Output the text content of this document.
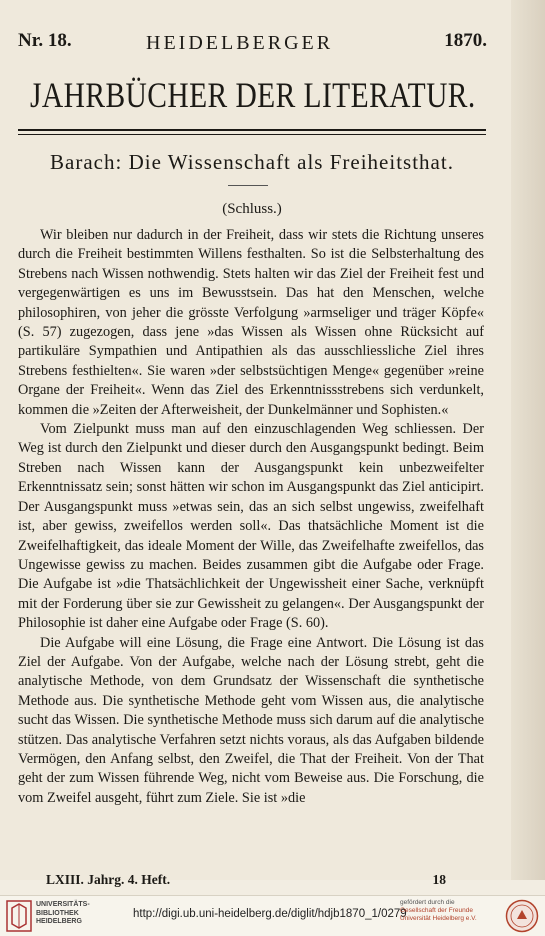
Nr. 18.	HEIDELBERGER	1870.
JAHRBÜCHER DER LITERATUR.
Barach: Die Wissenschaft als Freiheitsthat.
(Schluss.)

Wir bleiben nur dadurch in der Freiheit, dass wir stets die Richtung unseres durch die Freiheit bestimmten Willens festhalten. So ist die Selbsterhaltung des Strebens nach Wissen nothwendig. Stets halten wir das Ziel der Freiheit fest und vergegenwärtigen es uns im Bewusstsein. Das hat den Menschen, welche philosophiren, von jeher die grösste Verfolgung »armseliger und träger Köpfe« (S. 57) zugezogen, dass jene »das Wissen als Wissen ohne Rücksicht auf partikuläre Sympathien und Antipathien als das ausschliessliche Ziel ihres Strebens festhielten«. Sie waren »der selbstsüchtigen Menge« gegenüber »reine Organe der Freiheit«. Wenn das Ziel des Erkenntnissstrebens sich verdunkelt, kommen die »Zeiten der Afterweisheit, der Dunkelmänner und Sophisten.«

Vom Zielpunkt muss man auf den einzuschlagenden Weg schliessen. Der Weg ist durch den Zielpunkt und dieser durch den Ausgangspunkt bedingt. Beim Streben nach Wissen kann der Ausgangspunkt kein unbezweifelter Erkenntnissatz sein; sonst hätten wir schon im Ausgangspunkt das Ziel anticipirt. Der Ausgangspunkt muss »etwas sein, das an sich selbst ungewiss, zweifelhaft ist, aber gewiss, zweifellos werden soll«. Das thatsächliche Moment ist die Zweifelhaftigkeit, das ideale Moment der Wille, das Zweifelhafte zweifellos, das Ungewisse gewiss zu machen. Beides zusammen gibt die Aufgabe oder Frage. Die Aufgabe ist »die Thatsächlichkeit der Ungewissheit einer Sache, verknüpft mit der Forderung über sie zur Gewissheit zu gelangen«. Der Ausgangspunkt der Philosophie ist daher eine Aufgabe oder Frage (S. 60).

Die Aufgabe will eine Lösung, die Frage eine Antwort. Die Lösung ist das Ziel der Aufgabe. Von der Aufgabe, welche nach der Lösung strebt, geht die analytische Methode, von dem Grundsatz der Wissenschaft die synthetische Methode aus. Die synthetische Methode geht vom Wissen aus, die analytische sucht das Wissen. Die synthetische Methode muss sich darum auf die analytische stützen. Das analytische Verfahren setzt nichts voraus, als das Aufgaben bildende Vermögen, den Anfang selbst, den Zweifel, die That der Freiheit. Von der That geht der zum Wissen führende Weg, nicht vom Beweise aus. Die Forschung, die vom Zweifel ausgeht, führt zum Ziele. Sie ist »die

LXIII. Jahrg. 4. Heft.	18
UNIVERSITÄTS-
BIBLIOTHEK
HEIDELBERG
http://digi.ub.uni-heidelberg.de/diglit/hdjb1870_1/0279
gefördert durch die
Gesellschaft der Freunde
Universität Heidelberg e.V.
